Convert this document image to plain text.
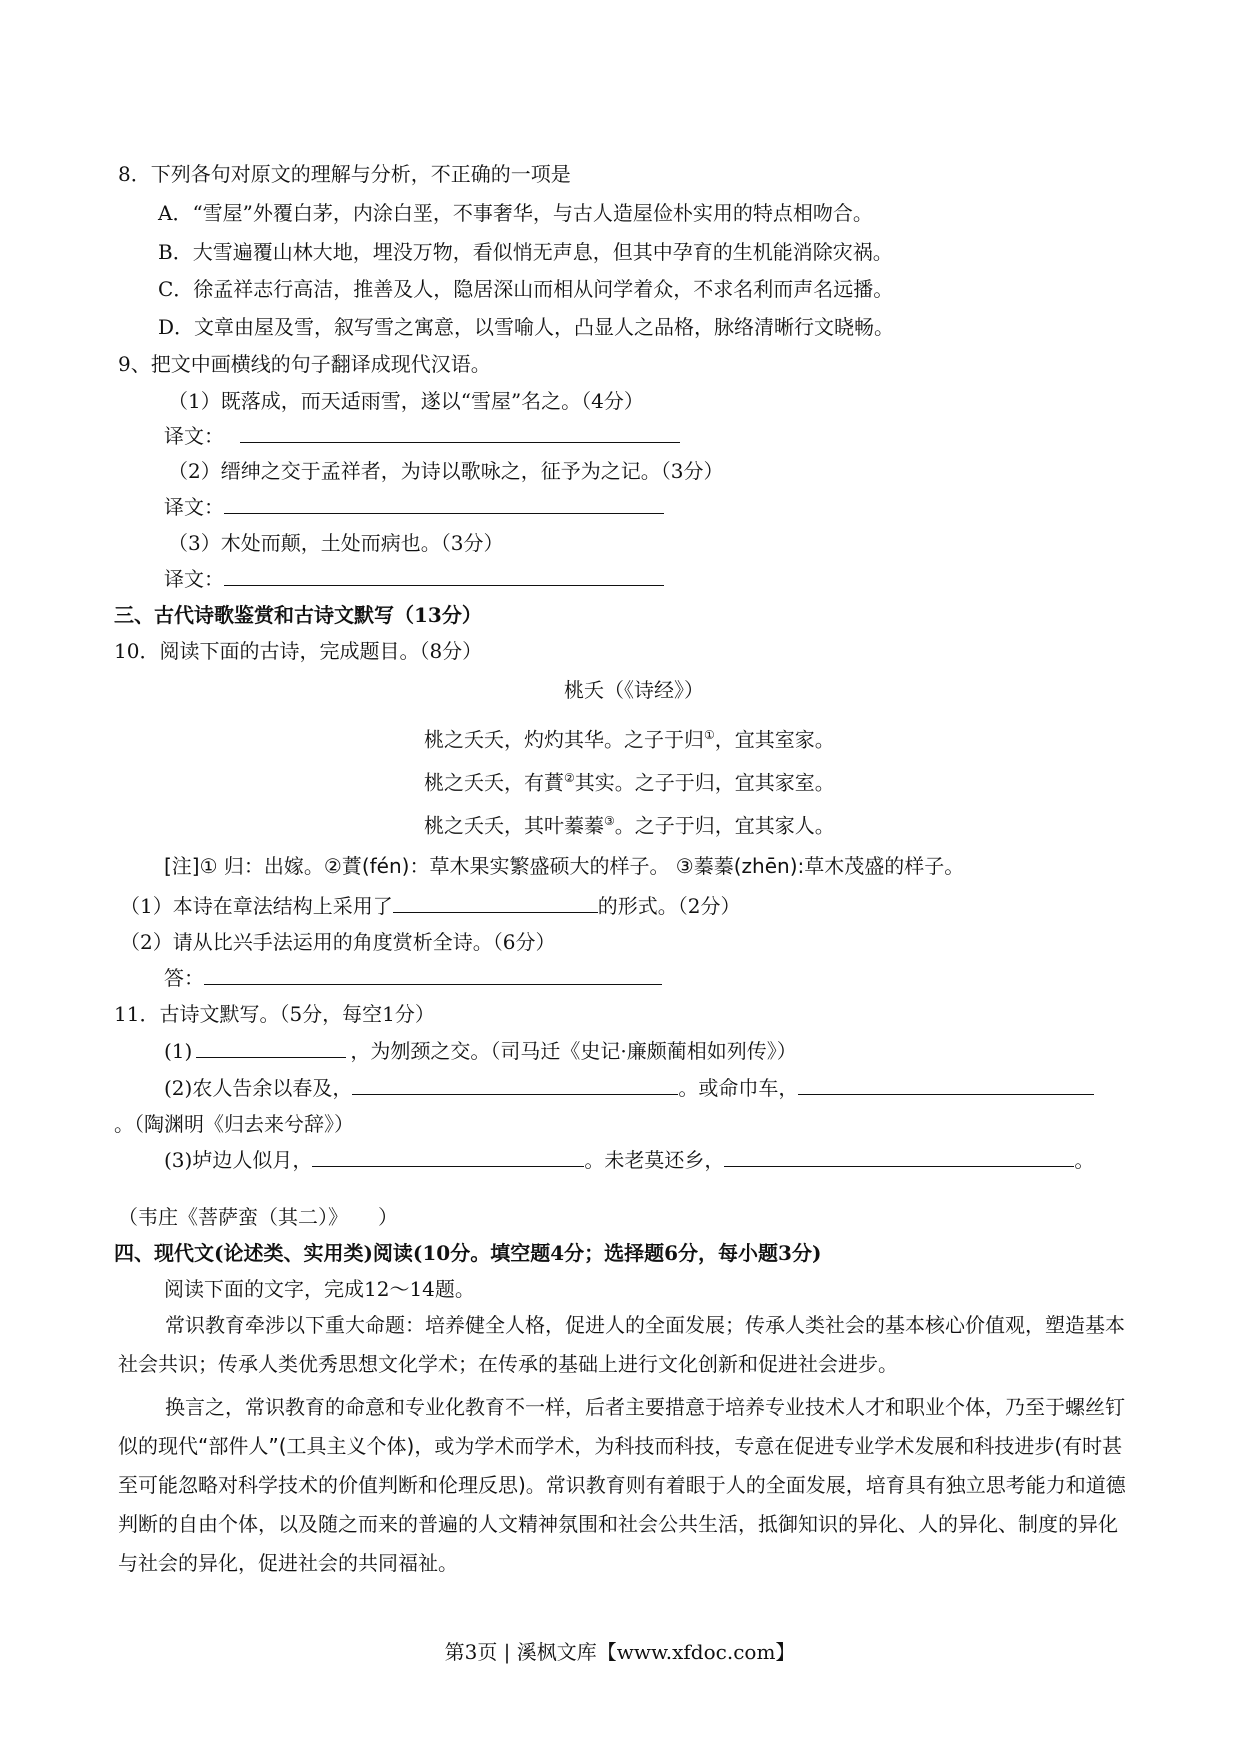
8．下列各句对原文的理解与分析，不正确的一项是
A．“雪屋”外覆白茅，内涂白垩，不事奢华，与古人造屋俭朴实用的特点相吻合。
B．大雪遍覆山林大地，埋没万物，看似悄无声息，但其中孕育的生机能消除灾祸。
C．徐孟祥志行高洁，推善及人，隐居深山而相从问学着众，不求名利而声名远播。
D．文章由屋及雪，叙写雪之寓意，以雪喻人，凸显人之品格，脉络清晰行文晓畅。
9、把文中画横线的句子翻译成现代汉语。
（1）既落成，而天适雨雪，遂以“雪屋”名之。（4分）
译文：
（2）缙绅之交于孟祥者，为诗以歌咏之，征予为之记。（3分）
译文：
（3）木处而颠，土处而病也。（3分）
译文：
三、古代诗歌鉴赏和古诗文默写（13分）
10．阅读下面的古诗，完成题目。（8分）
桃夭（《诗经》）
桃之夭夭，灼灼其华。之子于归①，宜其室家。
桃之夭夭，有蕡②其实。之子于归，宜其家室。
桃之夭夭，其叶蓁蓁③。之子于归，宜其家人。
[注]① 归：出嫁。②蕡(fén)：草木果实繁盛硕大的样子。 ③蓁蓁(zhēn):草木茂盛的样子。
（1）本诗在章法结构上采用了	的形式。（2分）
（2）请从比兴手法运用的角度赏析全诗。（6分）
答：
11．古诗文默写。（5分，每空1分）
(1)	，为刎颈之交。（司马迁《史记·廉颇蔺相如列传》）
(2)农人告余以春及，	。或命巾车，
。（陶渊明《归去来兮辞》）
(3)垆边人似月，	。未老莫还乡，	。
（韦庄《菩萨蛮（其二）》　　）
四、现代文(论述类、实用类)阅读(10分。填空题4分；选择题6分，每小题3分)
阅读下面的文字，完成12～14题。
常识教育牵涉以下重大命题：培养健全人格，促进人的全面发展；传承人类社会的基本核心价值观，塑造基本社会共识；传承人类优秀思想文化学术；在传承的基础上进行文化创新和促进社会进步。
换言之，常识教育的命意和专业化教育不一样，后者主要措意于培养专业技术人才和职业个体，乃至于螺丝钉似的现代“部件人”(工具主义个体)，或为学术而学术，为科技而科技，专意在促进专业学术发展和科技进步(有时甚至可能忽略对科学技术的价值判断和伦理反思)。常识教育则有着眼于人的全面发展，培育具有独立思考能力和道德判断的自由个体，以及随之而来的普遍的人文精神氛围和社会公共生活，抵御知识的异化、人的异化、制度的异化与社会的异化，促进社会的共同福祉。
第3页 | 溪枫文库【www.xfdoc.com】
